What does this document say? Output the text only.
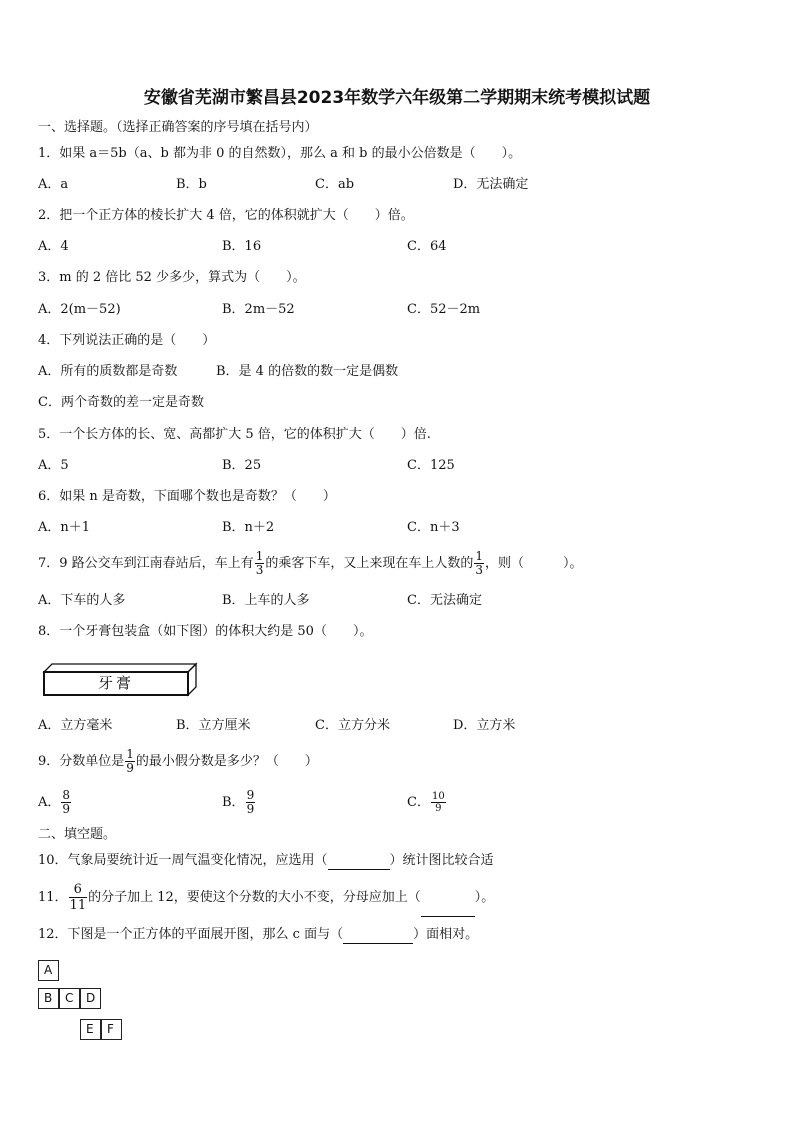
安徽省芜湖市繁昌县2023年数学六年级第二学期期末统考模拟试题
一、选择题。（选择正确答案的序号填在括号内）
1．如果 a＝5b（a、b 都为非 0 的自然数），那么 a 和 b 的最小公倍数是（　　）。
A．a	B．b	C．ab	D．无法确定
2．把一个正方体的棱长扩大 4 倍，它的体积就扩大（　　）倍。
A．4	B．16	C．64
3．m 的 2 倍比 52 少多少，算式为（　　）。
A．2(m－52)	B．2m－52	C．52－2m
4．下列说法正确的是（　　）
A．所有的质数都是奇数	B．是 4 的倍数的数一定是偶数
C．两个奇数的差一定是奇数
5．一个长方体的长、宽、高都扩大 5 倍，它的体积扩大（　　）倍.
A．5	B．25	C．125
6．如果 n 是奇数，下面哪个数也是奇数？（　　）
A．n＋1	B．n＋2	C．n＋3
7．9 路公交车到江南春站后，车上有 $\frac{1}{3}$ 的乘客下车，又上来现在车上人数的 $\frac{1}{3}$ ，则（　　　）。
A．下车的人多	B．上车的人多	C．无法确定
8．一个牙膏包装盒（如下图）的体积大约是 50（　　）。
牙膏
A．立方毫米	B．立方厘米	C．立方分米	D．立方米
9．分数单位是 $\frac{1}{9}$ 的最小假分数是多少？（　　）
A． $\frac{8}{9}$	B． $\frac{9}{9}$	C． $\frac{10}{9}$
二、填空题。
10．气象局要统计近一周气温变化情况，应选用（	）统计图比较合适
11． $\frac{6}{11}$ 的分子加上 12，要使这个分数的大小不变，分母应加上（	）。
12．下图是一个正方体的平面展开图，那么 c 面与（	）面相对。
A
B	C	D
E	F
